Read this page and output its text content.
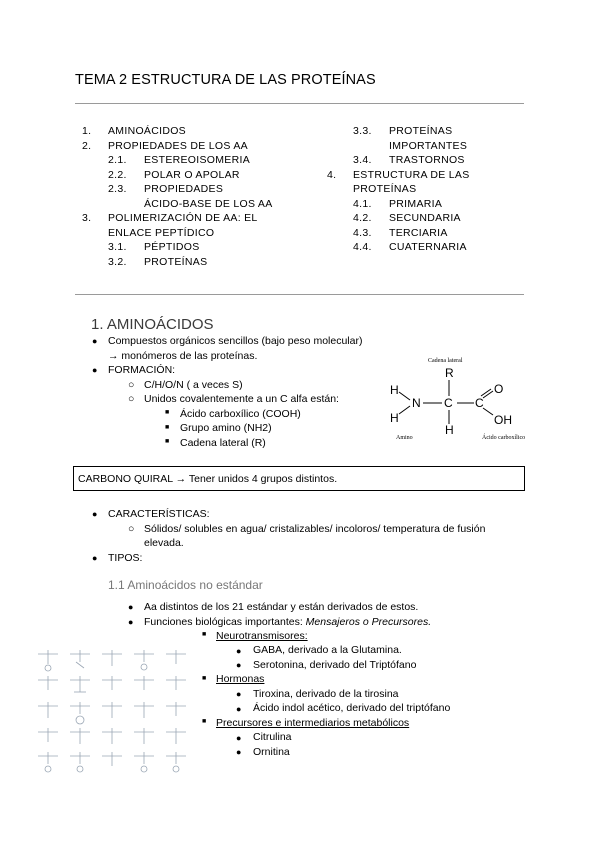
TEMA 2 ESTRUCTURA DE LAS PROTEÍNAS
1. AMINOÁCIDOS
2. PROPIEDADES DE LOS AA
2.1. ESTEREOISOMERIA
2.2. POLAR O APOLAR
2.3. PROPIEDADES
ÁCIDO-BASE DE LOS AA
3. POLIMERIZACIÓN DE AA: EL
ENLACE PEPTÍDICO
3.1. PÉPTIDOS
3.2. PROTEÍNAS
3.3. PROTEÍNAS
IMPORTANTES
3.4. TRASTORNOS
4. ESTRUCTURA DE LAS
PROTEÍNAS
4.1. PRIMARIA
4.2. SECUNDARIA
4.3. TERCIARIA
4.4. CUATERNARIA
1. AMINOÁCIDOS
● Compuestos orgánicos sencillos (bajo peso molecular)
→ monómeros de las proteínas.
● FORMACIÓN:
○ C/H/O/N ( a veces S)
○ Unidos covalentemente a un C alfa están:
■ Ácido carboxílico (COOH)
■ Grupo amino (NH2)
■ Cadena lateral (R)
Cadena lateral
R
H
N
H
C
H
C
O
OH
Amino	Ácido carboxílico
CARBONO QUIRAL → Tener unidos 4 grupos distintos.
● CARACTERÍSTICAS:
○ Sólidos/ solubles en agua/ cristalizables/ incoloros/ temperatura de fusión
elevada.
● TIPOS:
1.1 Aminoácidos no estándar
● Aa distintos de los 21 estándar y están derivados de estos.
● Funciones biológicas importantes: Mensajeros o Precursores.
■ Neurotransmisores:
● GABA, derivado a la Glutamina.
● Serotonina, derivado del Triptófano
■ Hormonas
● Tiroxina, derivado de la tirosina
● Ácido indol acético, derivado del triptófano
■ Precursores e intermediarios metabólicos
● Citrulina
● Ornitina
